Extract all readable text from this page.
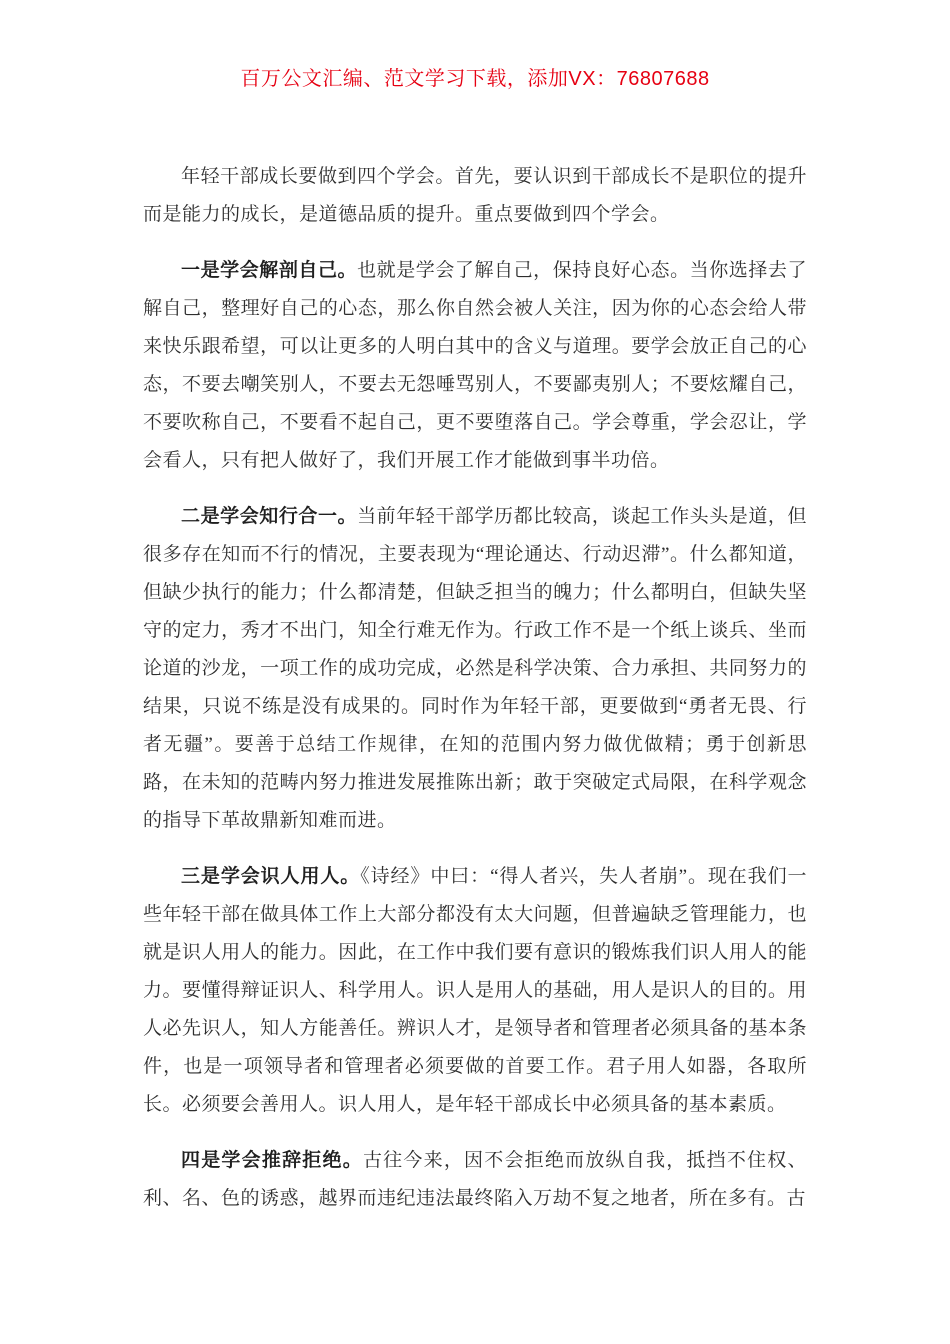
百万公文汇编、范文学习下载，添加VX：76807688

年轻干部成长要做到四个学会。首先，要认识到干部成长不是职位的提升而是能力的成长，是道德品质的提升。重点要做到四个学会。

一是学会解剖自己。也就是学会了解自己，保持良好心态。当你选择去了解自己，整理好自己的心态，那么你自然会被人关注，因为你的心态会给人带来快乐跟希望，可以让更多的人明白其中的含义与道理。要学会放正自己的心态，不要去嘲笑别人，不要去无怨唾骂别人，不要鄙夷别人；不要炫耀自己，不要吹称自己，不要看不起自己，更不要堕落自己。学会尊重，学会忍让，学会看人，只有把人做好了，我们开展工作才能做到事半功倍。

二是学会知行合一。当前年轻干部学历都比较高，谈起工作头头是道，但很多存在知而不行的情况，主要表现为“理论通达、行动迟滞”。什么都知道，但缺少执行的能力；什么都清楚，但缺乏担当的魄力；什么都明白，但缺失坚守的定力，秀才不出门，知全行难无作为。行政工作不是一个纸上谈兵、坐而论道的沙龙，一项工作的成功完成，必然是科学决策、合力承担、共同努力的结果，只说不练是没有成果的。同时作为年轻干部，更要做到“勇者无畏、行者无疆”。要善于总结工作规律，在知的范围内努力做优做精；勇于创新思路，在未知的范畴内努力推进发展推陈出新；敢于突破定式局限，在科学观念的指导下革故鼎新知难而进。

三是学会识人用人。《诗经》中曰：“得人者兴，失人者崩”。现在我们一些年轻干部在做具体工作上大部分都没有太大问题，但普遍缺乏管理能力，也就是识人用人的能力。因此，在工作中我们要有意识的锻炼我们识人用人的能力。要懂得辩证识人、科学用人。识人是用人的基础，用人是识人的目的。用人必先识人，知人方能善任。辨识人才，是领导者和管理者必须具备的基本条件，也是一项领导者和管理者必须要做的首要工作。君子用人如器，各取所长。必须要会善用人。识人用人，是年轻干部成长中必须具备的基本素质。

四是学会推辞拒绝。古往今来，因不会拒绝而放纵自我，抵挡不住权、利、名、色的诱惑，越界而违纪违法最终陷入万劫不复之地者，所在多有。古
